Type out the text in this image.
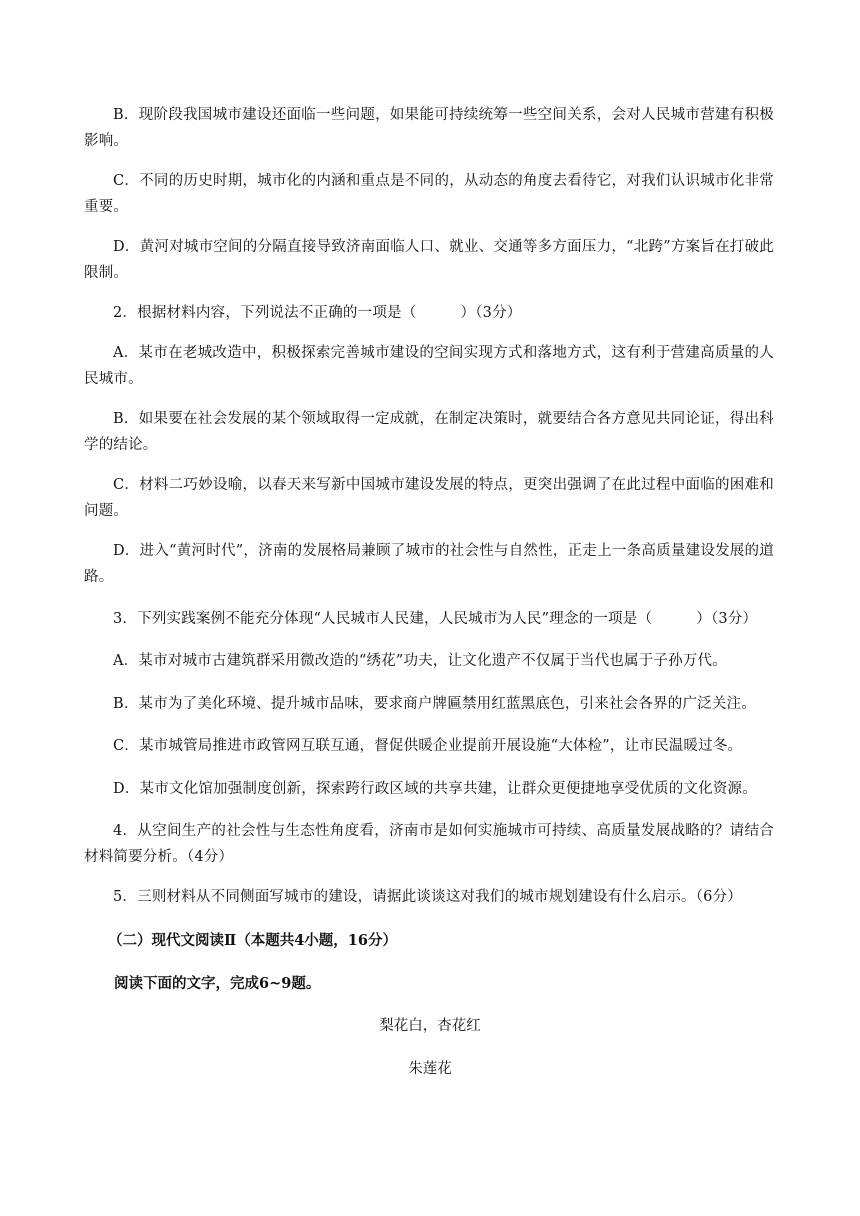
B．现阶段我国城市建设还面临一些问题，如果能可持续统筹一些空间关系，会对人民城市营建有积极影响。

C．不同的历史时期，城市化的内涵和重点是不同的，从动态的角度去看待它，对我们认识城市化非常重要。

D．黄河对城市空间的分隔直接导致济南面临人口、就业、交通等多方面压力，“北跨”方案旨在打破此限制。

2．根据材料内容，下列说法不正确的一项是（　　　）（3分）

A．某市在老城改造中，积极探索完善城市建设的空间实现方式和落地方式，这有利于营建高质量的人民城市。

B．如果要在社会发展的某个领域取得一定成就，在制定决策时，就要结合各方意见共同论证，得出科学的结论。

C．材料二巧妙设喻，以春天来写新中国城市建设发展的特点，更突出强调了在此过程中面临的困难和问题。

D．进入“黄河时代”，济南的发展格局兼顾了城市的社会性与自然性，正走上一条高质量建设发展的道路。

3．下列实践案例不能充分体现“人民城市人民建，人民城市为人民”理念的一项是（　　　）（3分）

A．某市对城市古建筑群采用微改造的“绣花”功夫，让文化遗产不仅属于当代也属于子孙万代。

B．某市为了美化环境、提升城市品味，要求商户牌匾禁用红蓝黑底色，引来社会各界的广泛关注。

C．某市城管局推进市政管网互联互通，督促供暖企业提前开展设施“大体检”，让市民温暖过冬。

D．某市文化馆加强制度创新，探索跨行政区域的共享共建，让群众更便捷地享受优质的文化资源。

4．从空间生产的社会性与生态性角度看，济南市是如何实施城市可持续、高质量发展战略的？请结合材料简要分析。（4分）

5．三则材料从不同侧面写城市的建设，请据此谈谈这对我们的城市规划建设有什么启示。（6分）

（二）现代文阅读Ⅱ（本题共4小题，16分）

阅读下面的文字，完成6~9题。

梨花白，杏花红

朱莲花
